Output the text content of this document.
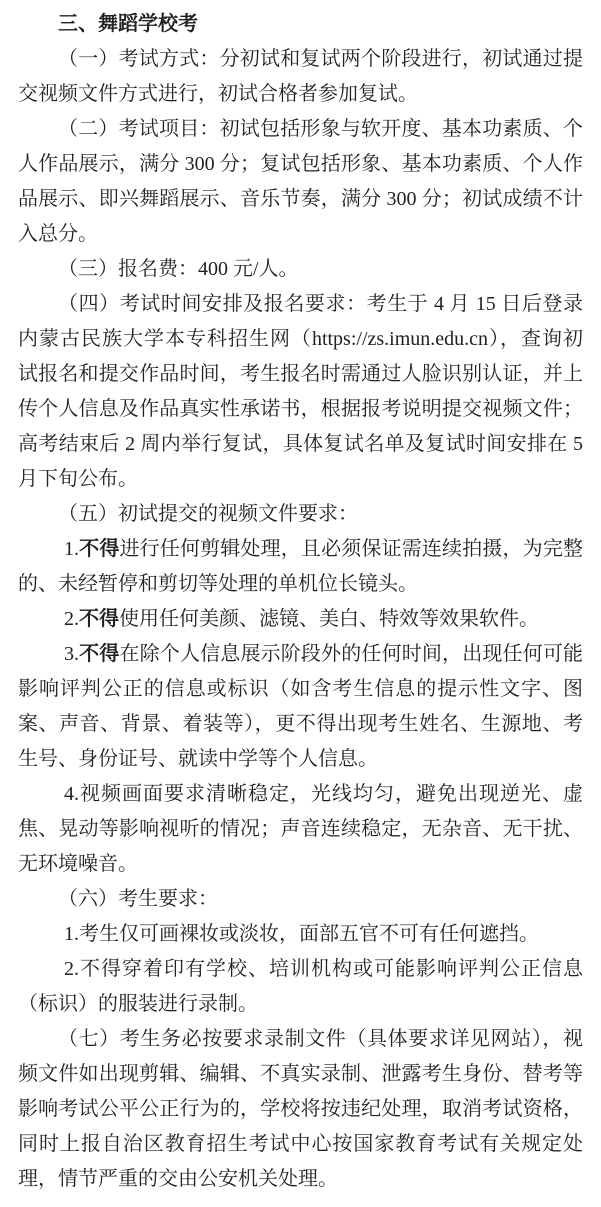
三、舞蹈学校考

（一）考试方式：分初试和复试两个阶段进行，初试通过提交视频文件方式进行，初试合格者参加复试。

（二）考试项目：初试包括形象与软开度、基本功素质、个人作品展示，满分 300 分；复试包括形象、基本功素质、个人作品展示、即兴舞蹈展示、音乐节奏，满分 300 分；初试成绩不计入总分。

（三）报名费：400 元/人。

（四）考试时间安排及报名要求：考生于 4 月 15 日后登录内蒙古民族大学本专科招生网（https://zs.imun.edu.cn），查询初试报名和提交作品时间，考生报名时需通过人脸识别认证，并上传个人信息及作品真实性承诺书，根据报考说明提交视频文件；高考结束后 2 周内举行复试，具体复试名单及复试时间安排在 5 月下旬公布。

（五）初试提交的视频文件要求：

1.不得进行任何剪辑处理，且必须保证需连续拍摄，为完整的、未经暂停和剪切等处理的单机位长镜头。

2.不得使用任何美颜、滤镜、美白、特效等效果软件。

3.不得在除个人信息展示阶段外的任何时间，出现任何可能影响评判公正的信息或标识（如含考生信息的提示性文字、图案、声音、背景、着装等），更不得出现考生姓名、生源地、考生号、身份证号、就读中学等个人信息。

4.视频画面要求清晰稳定，光线均匀，避免出现逆光、虚焦、晃动等影响视听的情况；声音连续稳定，无杂音、无干扰、无环境噪音。

（六）考生要求：

1.考生仅可画裸妆或淡妆，面部五官不可有任何遮挡。

2.不得穿着印有学校、培训机构或可能影响评判公正信息（标识）的服装进行录制。

（七）考生务必按要求录制文件（具体要求详见网站），视频文件如出现剪辑、编辑、不真实录制、泄露考生身份、替考等影响考试公平公正行为的，学校将按违纪处理，取消考试资格，同时上报自治区教育招生考试中心按国家教育考试有关规定处理，情节严重的交由公安机关处理。
